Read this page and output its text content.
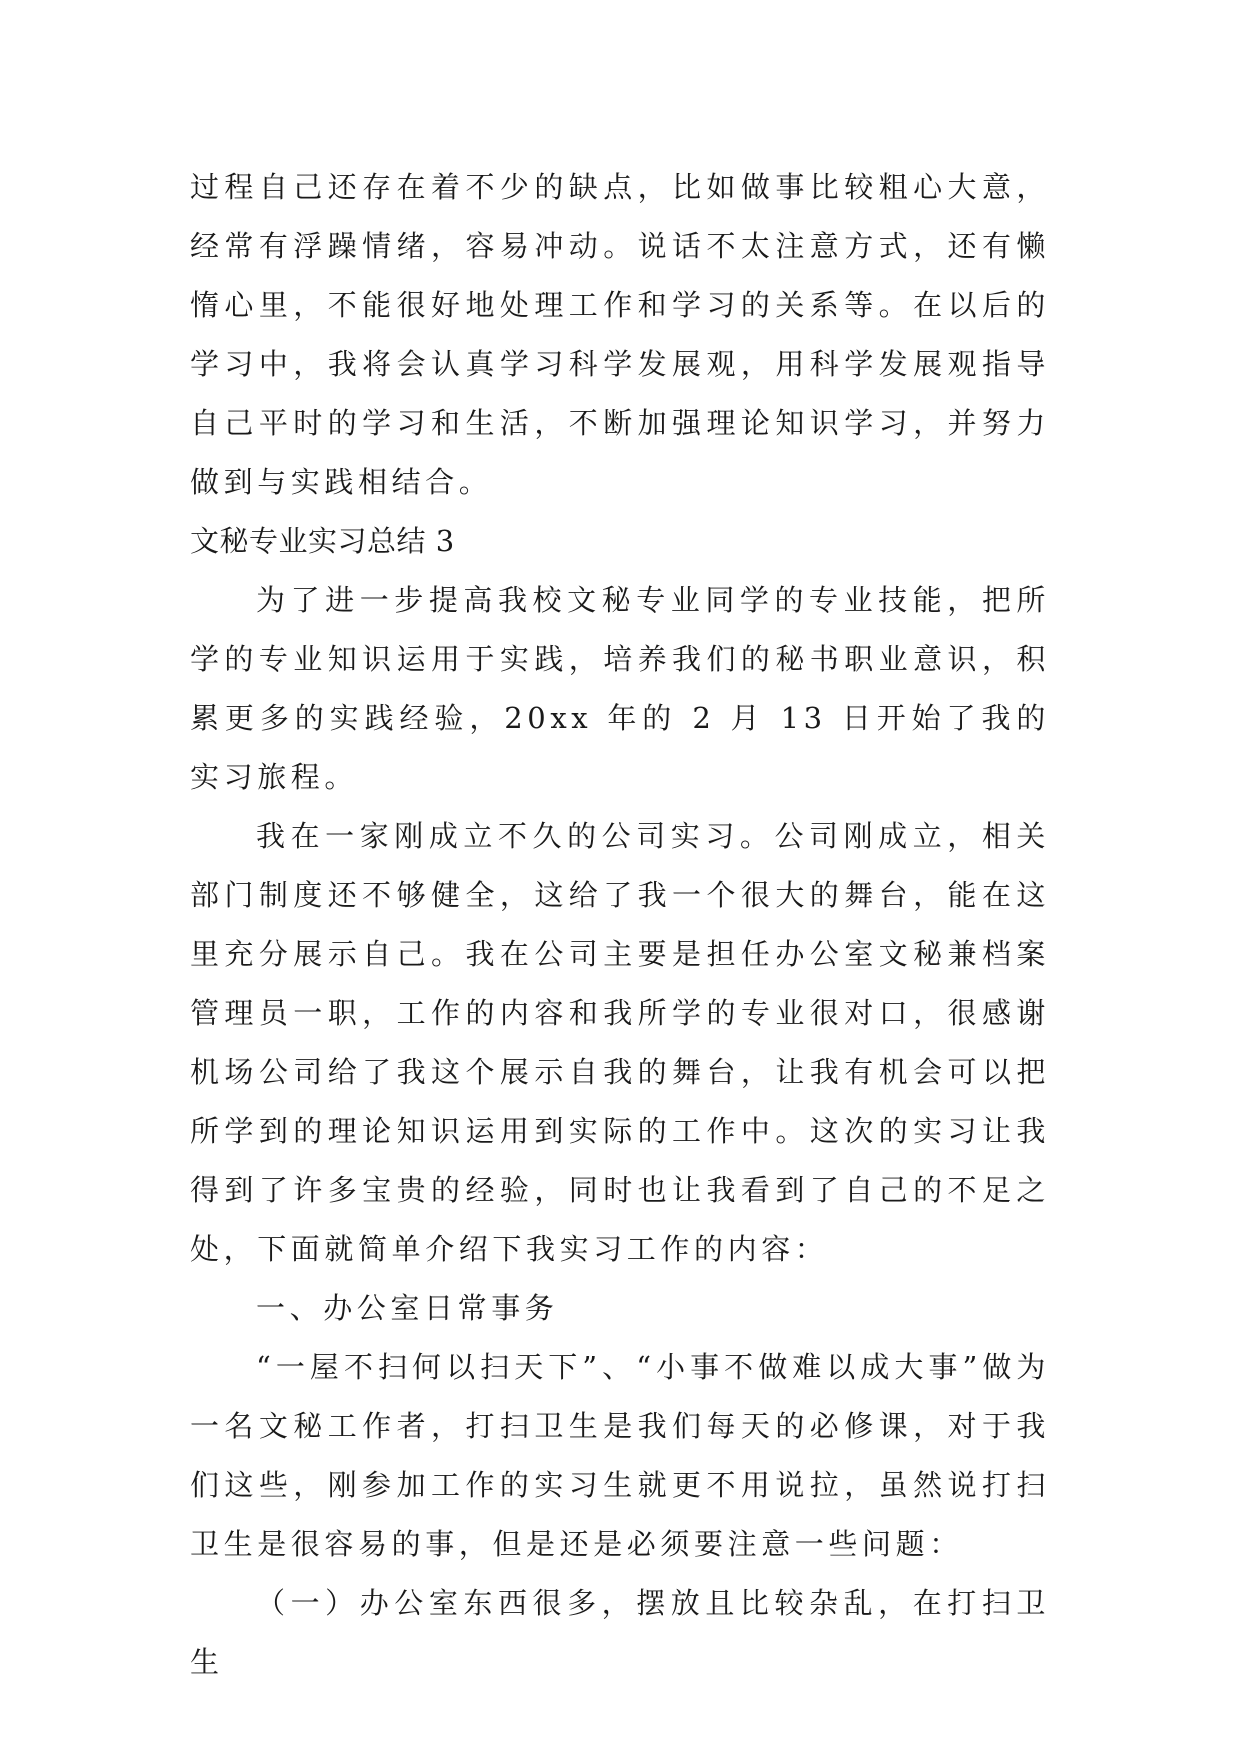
过程自己还存在着不少的缺点，比如做事比较粗心大意，经常有浮躁情绪，容易冲动。说话不太注意方式，还有懒惰心里，不能很好地处理工作和学习的关系等。在以后的学习中，我将会认真学习科学发展观，用科学发展观指导自己平时的学习和生活，不断加强理论知识学习，并努力做到与实践相结合。

文秘专业实习总结 3

为了进一步提高我校文秘专业同学的专业技能，把所学的专业知识运用于实践，培养我们的秘书职业意识，积累更多的实践经验，20xx 年的 2 月 13 日开始了我的实习旅程。

我在一家刚成立不久的公司实习。公司刚成立，相关部门制度还不够健全，这给了我一个很大的舞台，能在这里充分展示自己。我在公司主要是担任办公室文秘兼档案管理员一职，工作的内容和我所学的专业很对口，很感谢机场公司给了我这个展示自我的舞台，让我有机会可以把所学到的理论知识运用到实际的工作中。这次的实习让我得到了许多宝贵的经验，同时也让我看到了自己的不足之处，下面就简单介绍下我实习工作的内容：

一、办公室日常事务

“一屋不扫何以扫天下”、“小事不做难以成大事”做为一名文秘工作者，打扫卫生是我们每天的必修课，对于我们这些，刚参加工作的实习生就更不用说拉，虽然说打扫卫生是很容易的事，但是还是必须要注意一些问题：

（一）办公室东西很多，摆放且比较杂乱，在打扫卫生
